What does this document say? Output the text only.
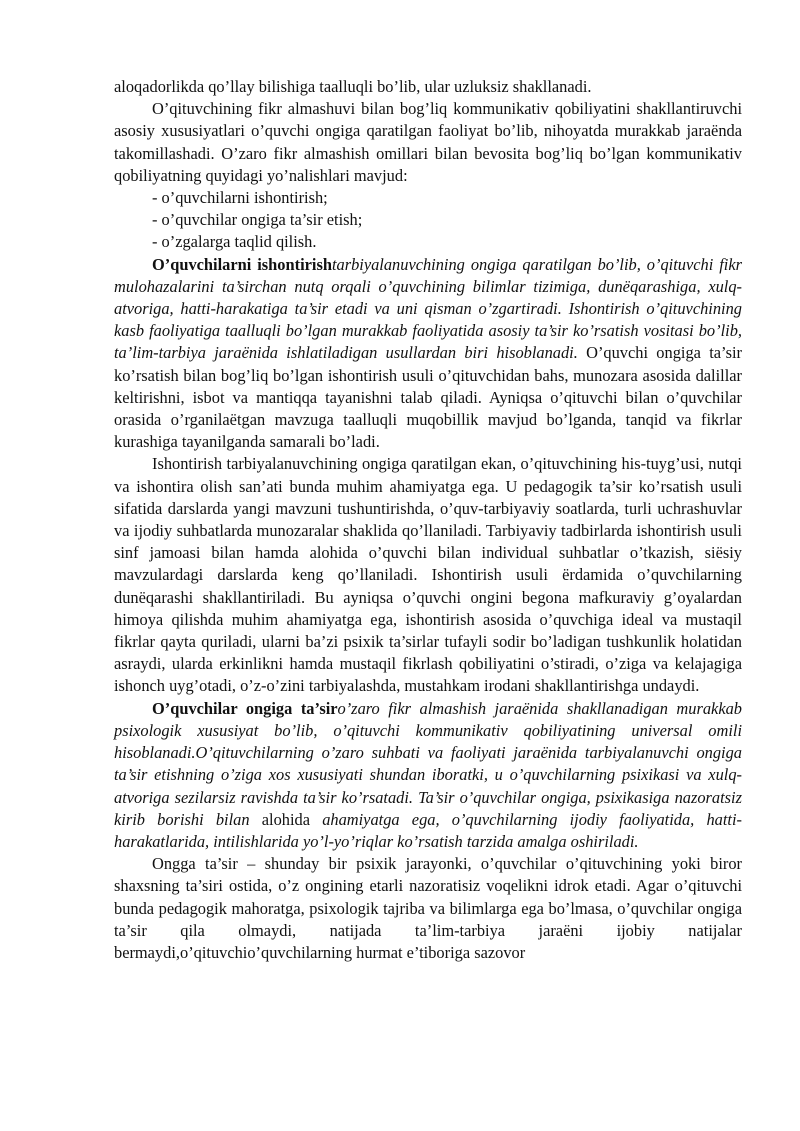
aloqadorlikda qo’llay bilishiga taalluqli bo’lib, ular uzluksiz shakllanadi.

O’qituvchining fikr almashuvi bilan bog’liq kommunikativ qobiliyatini shakllantiruvchi asosiy xususiyatlari o’quvchi ongiga qaratilgan faoliyat bo’lib, nihoyatda murakkab jaraёnda takomillashadi. O’zaro fikr almashish omillari bilan bevosita bog’liq bo’lgan kommunikativ qobiliyatning quyidagi yo’nalishlari mavjud:

- o’quvchilarni ishontirish;

- o’quvchilar ongiga ta’sir etish;

- o’zgalarga taqlid qilish.

O’quvchilarni ishontirishtarbiyalanuvchining ongiga qaratilgan bo’lib, o’qituvchi fikr mulohazalarini ta’sirchan nutq orqali o’quvchining bilimlar tizimiga, dunёqarashiga, xulq-atvoriga, hatti-harakatiga ta’sir etadi va uni qisman o’zgartiradi. Ishontirish o’qituvchining kasb faoliyatiga taalluqli bo’lgan murakkab faoliyatida asosiy ta’sir ko’rsatish vositasi bo’lib, ta’lim-tarbiya jaraёnida ishlatiladigan usullardan biri hisoblanadi. O’quvchi ongiga ta’sir ko’rsatish bilan bog’liq bo’lgan ishontirish usuli o’qituvchidan bahs, munozara asosida dalillar keltirishni, isbot va mantiqqa tayanishni talab qiladi. Ayniqsa o’qituvchi bilan o’quvchilar orasida o’rganilaёtgan mavzuga taalluqli muqobillik mavjud bo’lganda, tanqid va fikrlar kurashiga tayanilganda samarali bo’ladi.

Ishontirish tarbiyalanuvchining ongiga qaratilgan ekan, o’qituvchining his-tuyg’usi, nutqi va ishontira olish san’ati bunda muhim ahamiyatga ega. U pedagogik ta’sir ko’rsatish usuli sifatida darslarda yangi mavzuni tushuntirishda, o’quv-tarbiyaviy soatlarda, turli uchrashuvlar va ijodiy suhbatlarda munozaralar shaklida qo’llaniladi. Tarbiyaviy tadbirlarda ishontirish usuli sinf jamoasi bilan hamda alohida o’quvchi bilan individual suhbatlar o’tkazish, siёsiy mavzulardagi darslarda keng qo’llaniladi. Ishontirish usuli ёrdamida o’quvchilarning dunёqarashi shakllantiriladi. Bu ayniqsa o’quvchi ongini begona mafkuraviy g’oyalardan himoya qilishda muhim ahamiyatga ega, ishontirish asosida o’quvchiga ideal va mustaqil fikrlar qayta quriladi, ularni ba’zi psixik ta’sirlar tufayli sodir bo’ladigan tushkunlik holatidan asraydi, ularda erkinlikni hamda mustaqil fikrlash qobiliyatini o’stiradi, o’ziga va kelajagiga ishonch uyg’otadi, o’z-o’zini tarbiyalashda, mustahkam irodani shakllantirishga undaydi.

O’quvchilar ongiga ta’siro’zaro fikr almashish jaraёnida shakllanadigan murakkab psixologik xususiyat bo’lib, o’qituvchi kommunikativ qobiliyatining universal omili hisoblanadi.O’qituvchilarning o’zaro suhbati va faoliyati jaraёnida tarbiyalanuvchi ongiga ta’sir etishning o’ziga xos xususiyati shundan iboratki, u o’quvchilarning psixikasi va xulq-atvoriga sezilarsiz ravishda ta’sir ko’rsatadi. Ta’sir o’quvchilar ongiga, psixikasiga nazoratsiz kirib borishi bilan alohida ahamiyatga ega, o’quvchilarning ijodiy faoliyatida, hatti-harakatlarida, intilishlarida yo’l-yo’riqlar ko’rsatish tarzida amalga oshiriladi.

Ongga ta’sir – shunday bir psixik jarayonki, o’quvchilar o’qituvchining yoki biror shaxsning ta’siri ostida, o’z ongining etarli nazoratisiz voqelikni idrok etadi. Agar o’qituvchi bunda pedagogik mahoratga, psixologik tajriba va bilimlarga ega bo’lmasa, o’quvchilar ongiga ta’sir qila olmaydi, natijada ta’lim-tarbiya jaraёni ijobiy natijalar bermaydi,o’qituvchio’quvchilarning hurmat e’tiboriga sazovor
